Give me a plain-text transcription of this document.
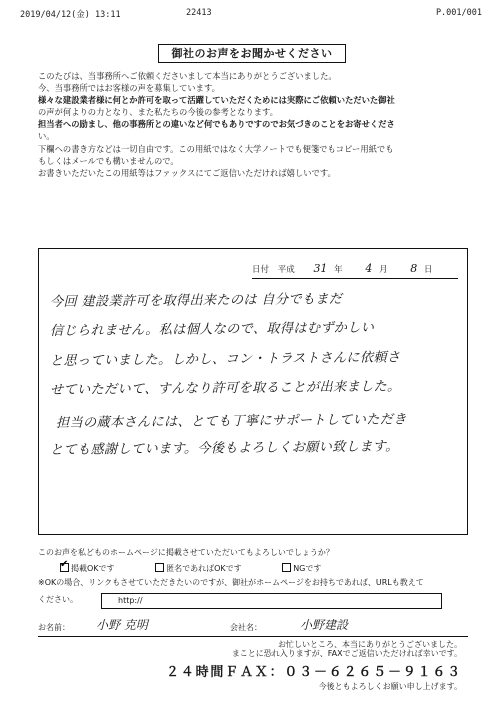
2019/04/12(金) 13:11	22413	P.001/001
御社のお声をお聞かせください
このたびは、当事務所へご依頼くださいまして本当にありがとうございました。
今、当事務所ではお客様の声を募集しています。
様々な建設業者様に何とか許可を取って活躍していただくためには実際にご依頼いただいた御社
の声が何よりの力となり、また私たちの今後の参考となります。
担当者への励まし、他の事務所との違いなど何でもありですのでお気づきのことをお寄せくださ
い。
下欄への書き方などは一切自由です。この用紙ではなく大学ノートでも便箋でもコピー用紙でも
もしくはメールでも構いませんので。
お書きいただいたこの用紙等はファックスにてご返信いただければ嬉しいです。
日付 平成 31 年 4 月 8 日
今回 建設業許可を取得出来たのは 自分でもまだ
信じられません。私は個人なので、取得はむずかしい
と思っていました。しかし、コン・トラストさんに依頼さ
せていただいて、すんなり許可を取ることが出来ました。
担当の蔵本さんには、とても丁寧にサポートしていただき
とても感謝しています。今後もよろしくお願い致します。
このお声を私どものホームページに掲載させていただいてもよろしいでしょうか？
✔掲載OKです	匿名であればOKです	NGです
※OKの場合、リンクもさせていただきたいのですが、御社がホームページをお持ちであれば、URLも教えて
ください。	http://
お名前： 小野 克明	会社名：	小野建設
お忙しいところ、本当にありがとうございました。
まことに恐れ入りますが、FAXでご返信いただければ幸いです。
２４時間ＦＡＸ：０３－６２６５－９１６３
今後ともよろしくお願い申し上げます。
